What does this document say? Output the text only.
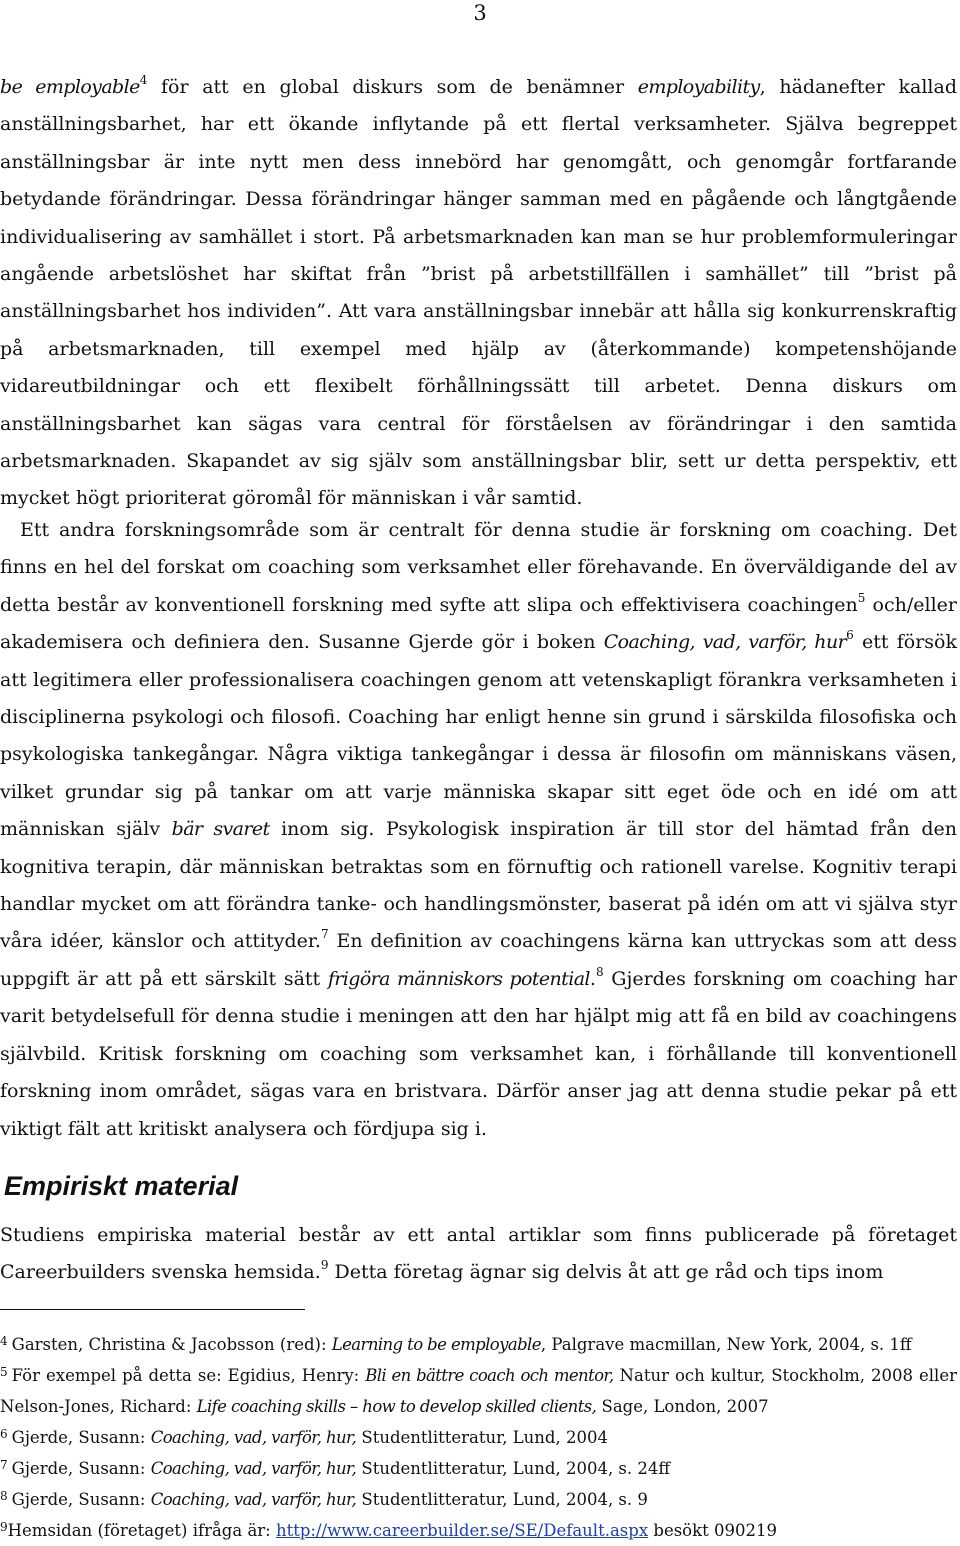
3

be employable$^4$ för att en global diskurs som de benämner employability, hädanefter kallad anställningsbarhet, har ett ökande inflytande på ett flertal verksamheter. Själva begreppet anställningsbar är inte nytt men dess innebörd har genomgått, och genomgår fortfarande betydande förändringar. Dessa förändringar hänger samman med en pågående och långtgående individualisering av samhället i stort. På arbetsmarknaden kan man se hur problemformuleringar angående arbetslöshet har skiftat från ”brist på arbetstillfällen i samhället” till ”brist på anställningsbarhet hos individen”. Att vara anställningsbar innebär att hålla sig konkurrenskraftig på arbetsmarknaden, till exempel med hjälp av (återkommande) kompetenshöjande vidareutbildningar och ett flexibelt förhållningssätt till arbetet. Denna diskurs om anställningsbarhet kan sägas vara central för förståelsen av förändringar i den samtida arbetsmarknaden. Skapandet av sig själv som anställningsbar blir, sett ur detta perspektiv, ett mycket högt prioriterat göromål för människan i vår samtid.

Ett andra forskningsområde som är centralt för denna studie är forskning om coaching. Det finns en hel del forskat om coaching som verksamhet eller förehavande. En överväldigande del av detta består av konventionell forskning med syfte att slipa och effektivisera coachingen$^5$ och/eller akademisera och definiera den. Susanne Gjerde gör i boken Coaching, vad, varför, hur$^6$ ett försök att legitimera eller professionalisera coachingen genom att vetenskapligt förankra verksamheten i disciplinerna psykologi och filosofi. Coaching har enligt henne sin grund i särskilda filosofiska och psykologiska tankegångar. Några viktiga tankegångar i dessa är filosofin om människans väsen, vilket grundar sig på tankar om att varje människa skapar sitt eget öde och en idé om att människan själv bär svaret inom sig. Psykologisk inspiration är till stor del hämtad från den kognitiva terapin, där människan betraktas som en förnuftig och rationell varelse. Kognitiv terapi handlar mycket om att förändra tanke- och handlingsmönster, baserat på idén om att vi själva styr våra idéer, känslor och attityder.$^7$ En definition av coachingens kärna kan uttryckas som att dess uppgift är att på ett särskilt sätt frigöra människors potential.$^8$ Gjerdes forskning om coaching har varit betydelsefull för denna studie i meningen att den har hjälpt mig att få en bild av coachingens självbild. Kritisk forskning om coaching som verksamhet kan, i förhållande till konventionell forskning inom området, sägas vara en bristvara. Därför anser jag att denna studie pekar på ett viktigt fält att kritiskt analysera och fördjupa sig i.

Empiriskt material

Studiens empiriska material består av ett antal artiklar som finns publicerade på företaget Careerbuilders svenska hemsida.$^9$ Detta företag ägnar sig delvis åt att ge råd och tips inom

$^4$ Garsten, Christina & Jacobsson (red): Learning to be employable, Palgrave macmillan, New York, 2004, s. 1ff

$^5$ För exempel på detta se: Egidius, Henry: Bli en bättre coach och mentor, Natur och kultur, Stockholm, 2008 eller Nelson-Jones, Richard: Life coaching skills – how to develop skilled clients, Sage, London, 2007

$^6$ Gjerde, Susann: Coaching, vad, varför, hur, Studentlitteratur, Lund, 2004

$^7$ Gjerde, Susann: Coaching, vad, varför, hur, Studentlitteratur, Lund, 2004, s. 24ff

$^8$ Gjerde, Susann: Coaching, vad, varför, hur, Studentlitteratur, Lund, 2004, s. 9

$^9$Hemsidan (företaget) ifråga är: http://www.careerbuilder.se/SE/Default.aspx besökt 090219
